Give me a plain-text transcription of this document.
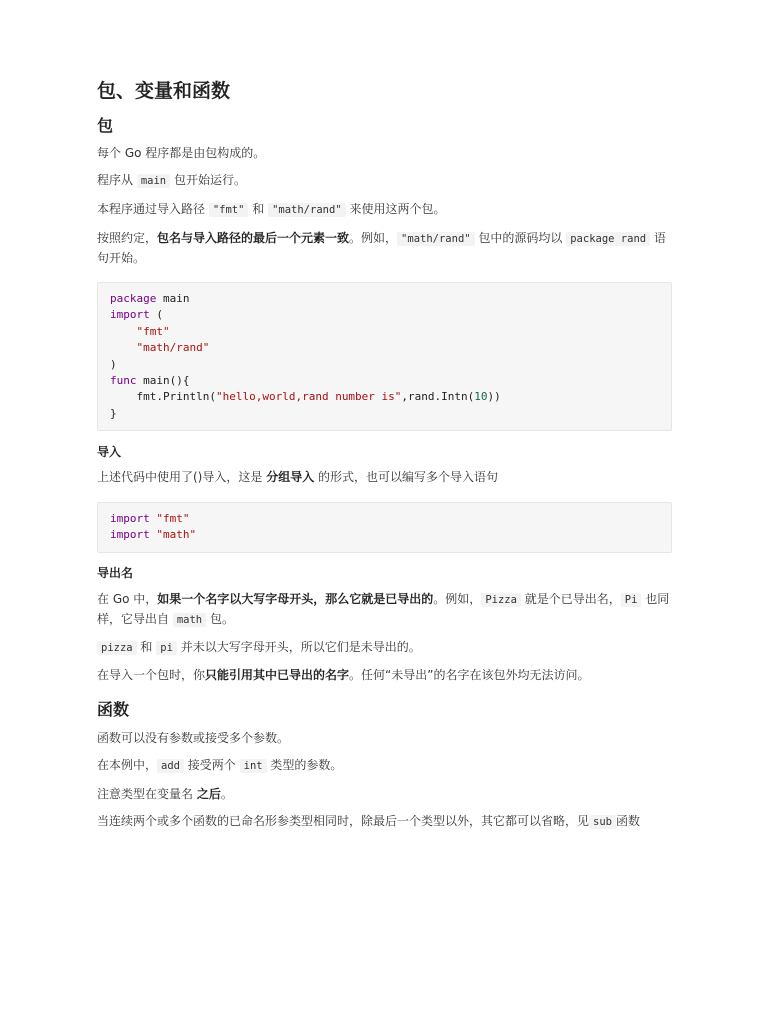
包、变量和函数
包

每个 Go 程序都是由包构成的。

程序从 main 包开始运行。

本程序通过导入路径 "fmt" 和 "math/rand" 来使用这两个包。

按照约定，包名与导入路径的最后一个元素一致。例如， "math/rand" 包中的源码均以 package rand 语句开始。

package main
import (
"fmt"
"math/rand"
)
func main(){
fmt.Println("hello,world,rand number is",rand.Intn(10))
}
导入

上述代码中使用了()导入，这是 分组导入 的形式，也可以编写多个导入语句

import "fmt"
import "math"
导出名

在 Go 中，如果一个名字以大写字母开头，那么它就是已导出的。例如， Pizza 就是个已导出名， Pi 也同样，它导出自 math 包。

pizza 和 pi 并未以大写字母开头，所以它们是未导出的。

在导入一个包时，你只能引用其中已导出的名字。任何“未导出”的名字在该包外均无法访问。

函数

函数可以没有参数或接受多个参数。

在本例中， add 接受两个 int 类型的参数。

注意类型在变量名 之后。

当连续两个或多个函数的已命名形参类型相同时，除最后一个类型以外，其它都可以省略，见 sub 函数
